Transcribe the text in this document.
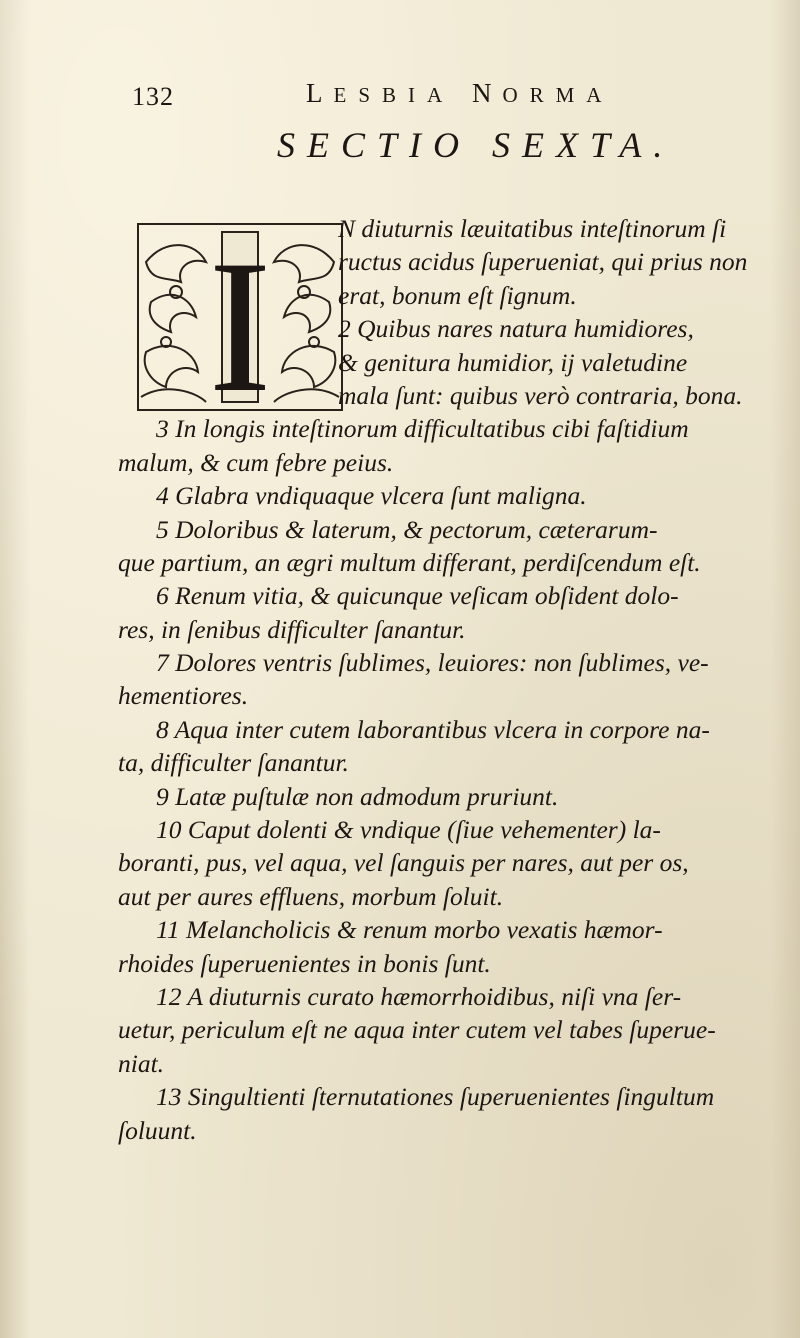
132	LESBIA NORMA
SECTIO SEXTA.
I	N diuturnis læuitatibus inteſtinorum ſi
ructus acidus ſuperueniat, qui prius non
erat, bonum eſt ſignum.
2 Quibus nares natura humidiores,
& genitura humidior, ij valetudine
mala ſunt: quibus verò contraria, bona.
3 In longis inteſtinorum difficultatibus cibi faſtidium
malum, & cum febre peius.
4 Glabra vndiquaque vlcera ſunt maligna.
5 Doloribus & laterum, & pectorum, cæterarum-
que partium, an ægri multum differant, perdiſcendum eſt.
6 Renum vitia, & quicunque veſicam obſident dolo-
res, in ſenibus difficulter ſanantur.
7 Dolores ventris ſublimes, leuiores: non ſublimes, ve-
hementiores.
8 Aqua inter cutem laborantibus vlcera in corpore na-
ta, difficulter ſanantur.
9 Latæ puſtulæ non admodum pruriunt.
10 Caput dolenti & vndique (ſiue vehementer) la-
boranti, pus, vel aqua, vel ſanguis per nares, aut per os,
aut per aures effluens, morbum ſoluit.
11 Melancholicis & renum morbo vexatis hæmor-
rhoides ſuperuenientes in bonis ſunt.
12 A diuturnis curato hæmorrhoidibus, niſi vna ſer-
uetur, periculum eſt ne aqua inter cutem vel tabes ſuperue-
niat.
13 Singultienti ſternutationes ſuperuenientes ſingultum
ſoluunt.
